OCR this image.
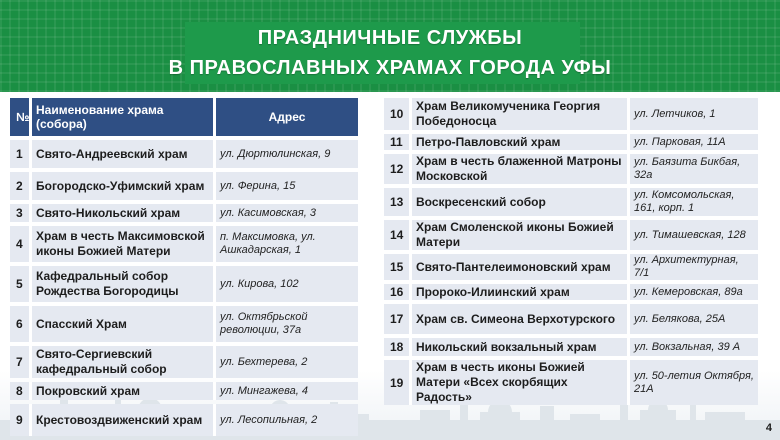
ПРАЗДНИЧНЫЕ СЛУЖБЫ
В ПРАВОСЛАВНЫХ ХРАМАХ ГОРОДА УФЫ
№	Наименование храма (собора)	Адрес
1	Свято-Андреевский храм	ул. Дюртюлинская, 9
2	Богородско-Уфимский храм	ул. Ферина, 15
3	Свято-Никольский храм	ул. Касимовская, 3
4	Храм в честь Максимовской иконы Божией Матери	п. Максимовка, ул. Ашкадарская, 1
5	Кафедральный собор Рождества Богородицы	ул. Кирова, 102
6	Спасский Храм	ул. Октябрьской революции, 37а
7	Свято-Сергиевский кафедральный собор	ул. Бехтерева, 2
8	Покровский храм	ул. Мингажева, 4
9	Крестовоздвиженский храм	ул. Лесопильная, 2
10	Храм Великомученика Георгия Победоносца	ул. Летчиков, 1
11	Петро-Павловский храм	ул. Парковая, 11А
12	Храм в честь блаженной Матроны Московской	ул. Баязита Бикбая, 32а
13	Воскресенский собор	ул. Комсомольская, 161, корп. 1
14	Храм Смоленской иконы Божией Матери	ул. Тимашевская, 128
15	Свято-Пантелеимоновский храм	ул. Архитектурная, 7/1
16	Пророко-Илиинский храм	ул. Кемеровская, 89а
17	Храм св. Симеона Верхотурского	ул. Белякова, 25А
18	Никольский вокзальный храм	ул. Вокзальная, 39 А
19	Храм в честь иконы Божией Матери «Всех скорбящих Радость»	ул. 50-летия Октября, 21А
4
